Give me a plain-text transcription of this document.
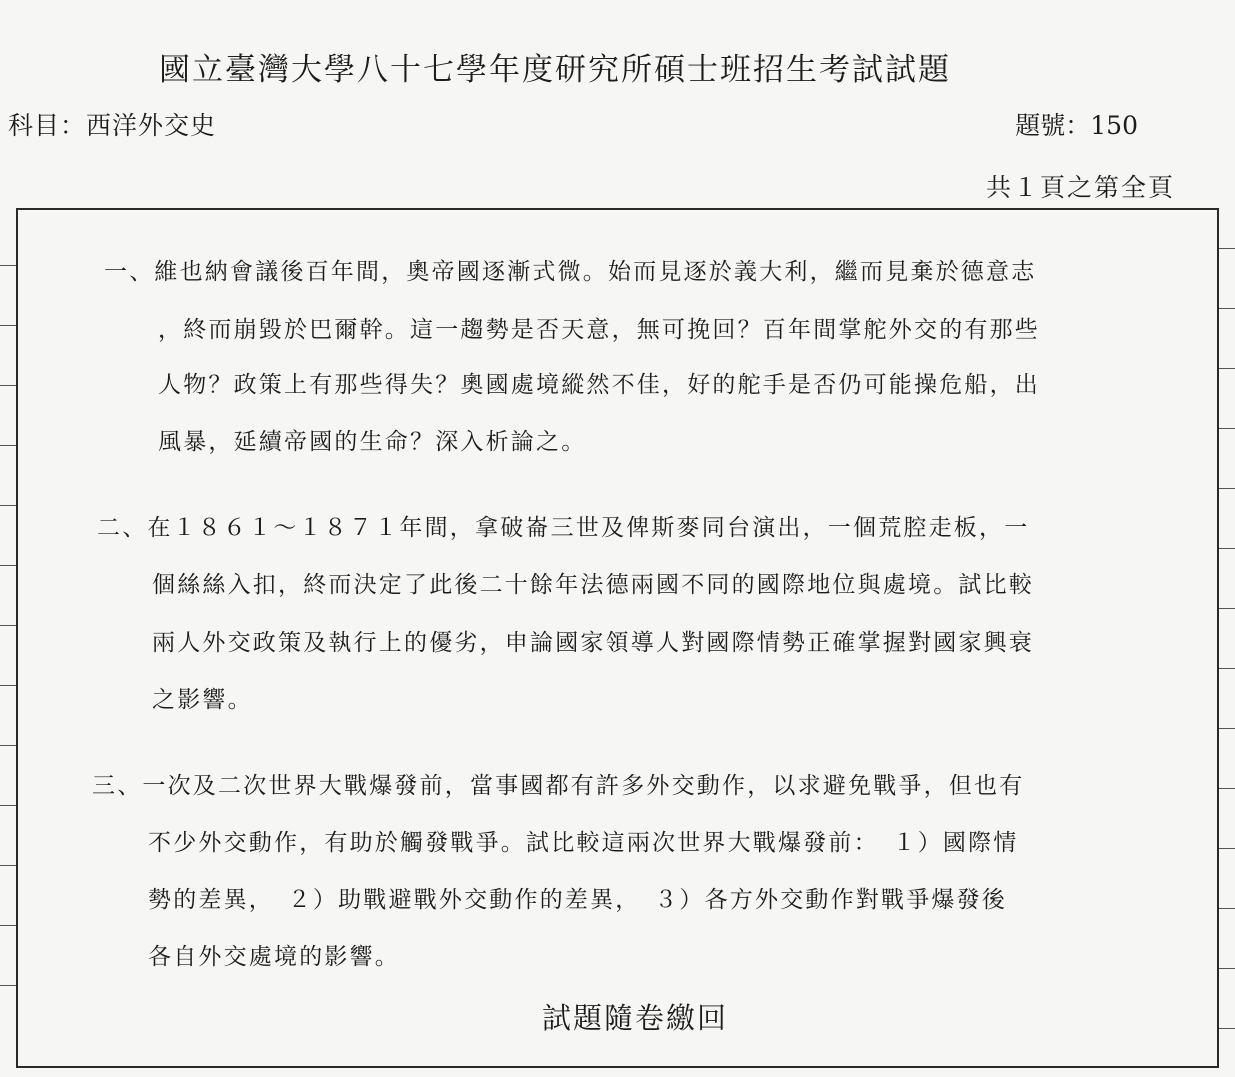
國立臺灣大學八十七學年度研究所碩士班招生考試試題
科目：西洋外交史	題號：150
共１頁之第全頁
一、維也納會議後百年間，奧帝國逐漸式微。始而見逐於義大利，繼而見棄於德意志
，終而崩毀於巴爾幹。這一趨勢是否天意，無可挽回？百年間掌舵外交的有那些
人物？政策上有那些得失？奧國處境縱然不佳，好的舵手是否仍可能操危船，出
風暴，延續帝國的生命？深入析論之。
二、在１８６１～１８７１年間，拿破崙三世及俾斯麥同台演出，一個荒腔走板，一
個絲絲入扣，終而決定了此後二十餘年法德兩國不同的國際地位與處境。試比較
兩人外交政策及執行上的優劣，申論國家領導人對國際情勢正確掌握對國家興衰
之影響。
三、一次及二次世界大戰爆發前，當事國都有許多外交動作，以求避免戰爭，但也有
不少外交動作，有助於觸發戰爭。試比較這兩次世界大戰爆發前：　１）國際情
勢的差異，　２）助戰避戰外交動作的差異，　３）各方外交動作對戰爭爆發後
各自外交處境的影響。
試題隨卷繳回
